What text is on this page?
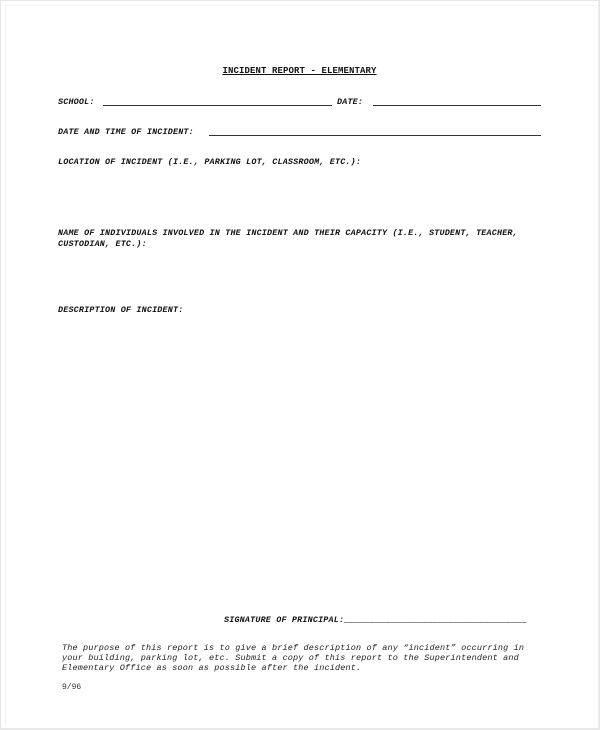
INCIDENT REPORT - ELEMENTARY
SCHOOL:	DATE:
DATE AND TIME OF INCIDENT:
LOCATION OF INCIDENT (I.E., PARKING LOT, CLASSROOM, ETC.):
NAME OF INDIVIDUALS INVOLVED IN THE INCIDENT AND THEIR CAPACITY (I.E., STUDENT, TEACHER,
CUSTODIAN, ETC.):
DESCRIPTION OF INCIDENT:
SIGNATURE OF PRINCIPAL:___________________________________
The purpose of this report is to give a brief description of any “incident” occurring in
your building, parking lot, etc. Submit a copy of this report to the Superintendent and
Elementary Office as soon as possible after the incident.
9/96
